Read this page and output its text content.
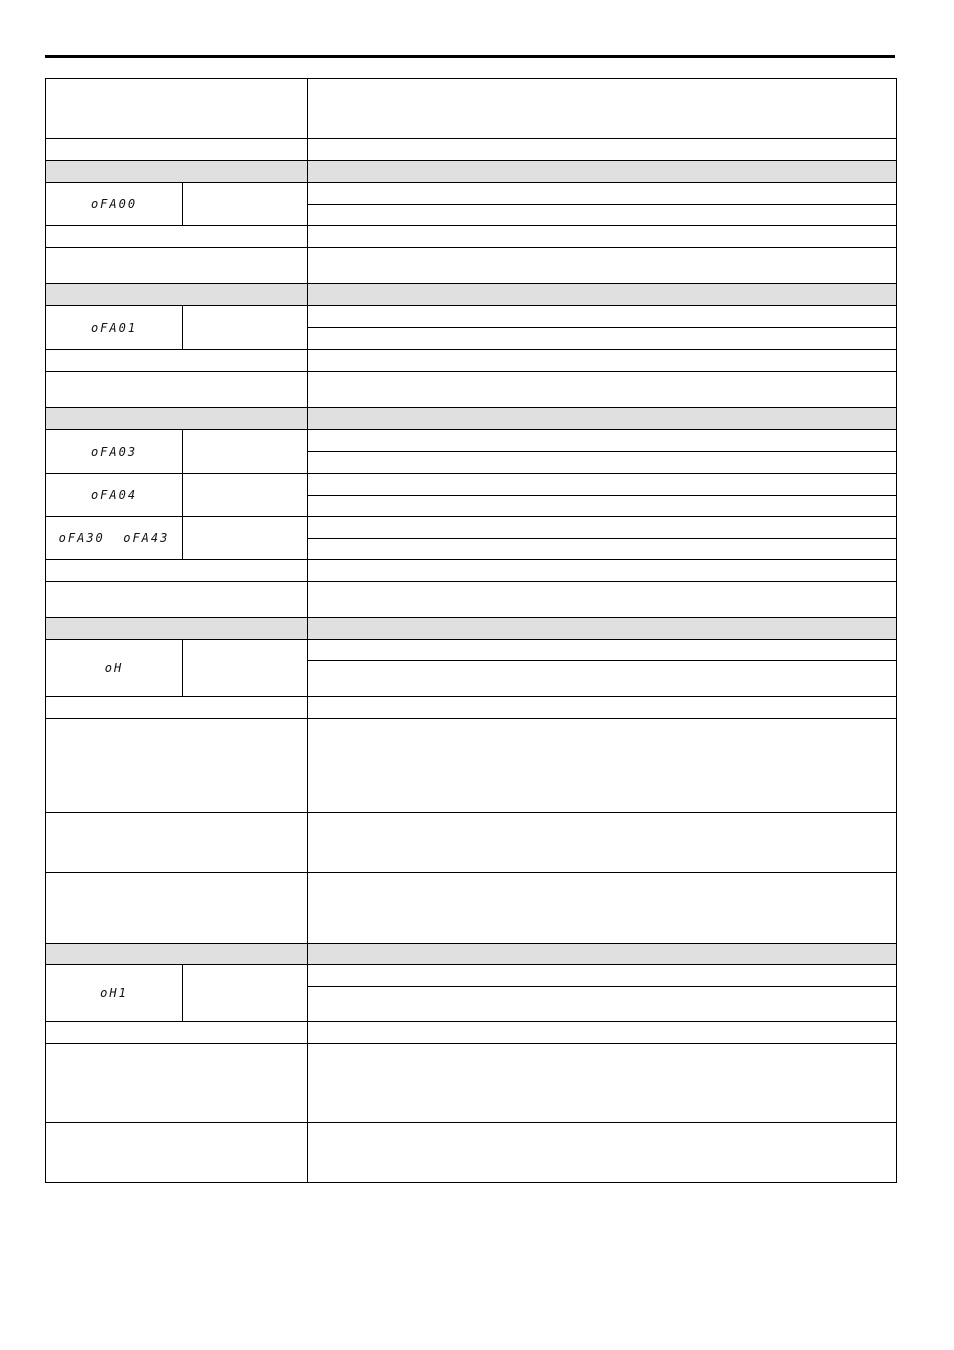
oFA00		

oFA01		

oFA03		

oFA04		

oFA30  oFA43		

oH		

oH1		
